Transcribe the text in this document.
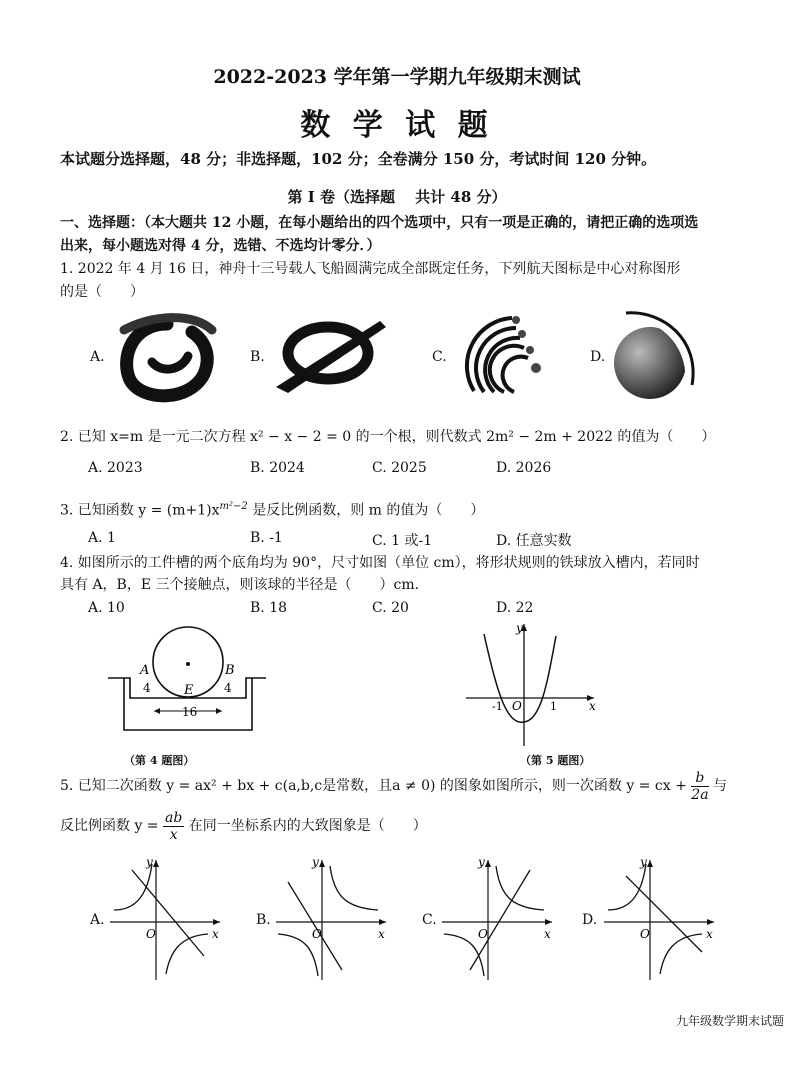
2022-2023 学年第一学期九年级期末测试
数 学 试 题
本试题分选择题，48 分；非选择题，102 分；全卷满分 150 分，考试时间 120 分钟。
第 I 卷（选择题　 共计 48 分）
一、选择题：（本大题共 12 小题，在每小题给出的四个选项中，只有一项是正确的，请把正确的选项选
出来，每小题选对得 4 分，选错、不选均计零分．）
1. 2022 年 4 月 16 日，神舟十三号载人飞船圆满完成全部既定任务，下列航天图标是中心对称图形
的是（　　）
A.	B.	C.	D.
2. 已知 x=m 是一元二次方程 x² − x − 2 = 0 的一个根，则代数式 2m² − 2m + 2022 的值为（　　）
A. 2023	B. 2024	C. 2025	D. 2026
3. 已知函数 $y = (m+1)x^{m^2-2}$ 是反比例函数，则 m 的值为（　　）
A. 1	B. -1	C. 1 或-1	D. 任意实数
4. 如图所示的工件槽的两个底角均为 90°，尺寸如图（单位 cm），将形状规则的铁球放入槽内，若同时
具有 A，B，E 三个接触点，则该球的半径是（　　）cm.
A. 10	B. 18	C. 20	D. 22
A	B
E
4	4
16
（第 4 题图）
y
x
O
-1	1
（第 5 题图）
5. 已知二次函数 y = ax² + bx + c(a,b,c是常数，且a ≠ 0) 的图象如图所示，则一次函数 y = cx + $\frac{b}{2a}$ 与
反比例函数 $y = \frac{ab}{x}$ 在同一坐标系内的大致图象是（　　）
A.
y
x
O
B.
y
x
O
C.
y
x
O
D.
y
x
O
九年级数学期末试题
